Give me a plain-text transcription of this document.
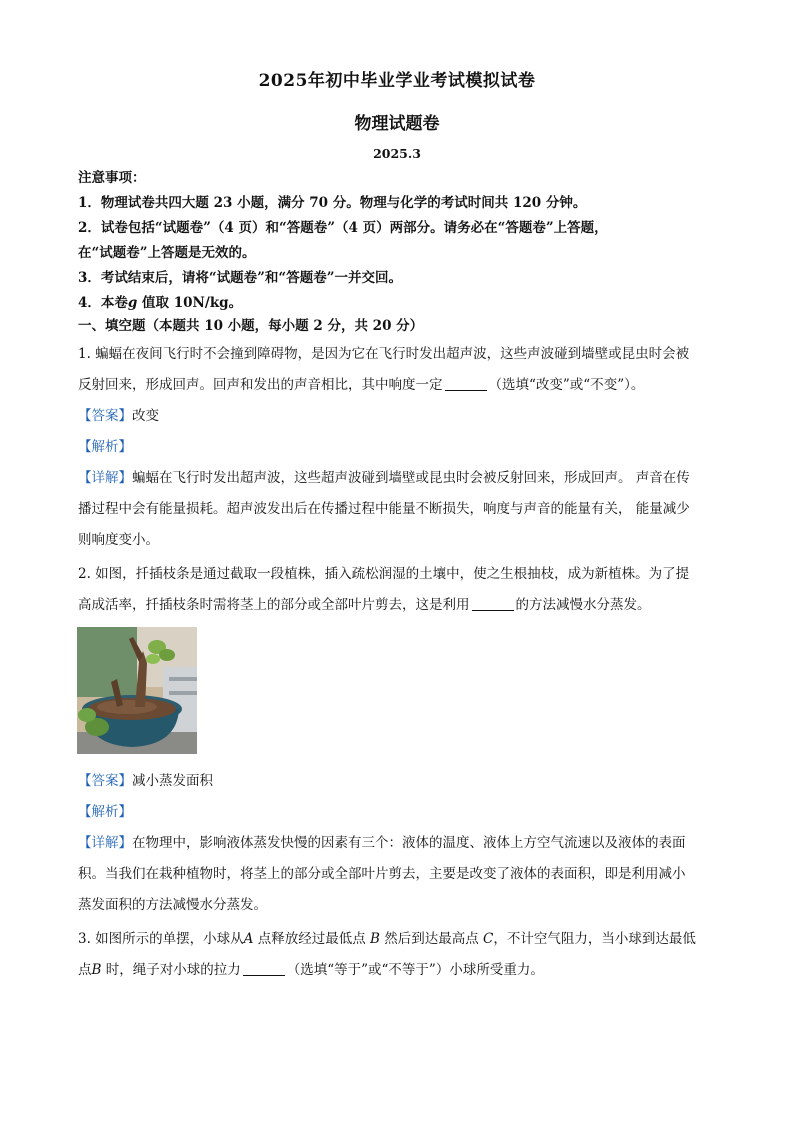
2025年初中毕业学业考试模拟试卷
物理试题卷
2025.3
注意事项：
1．物理试卷共四大题 23 小题，满分 70 分。物理与化学的考试时间共 120 分钟。
2．试卷包括“试题卷”（4 页）和“答题卷”（4 页）两部分。请务必在“答题卷”上答题，
在“试题卷”上答题是无效的。
3．考试结束后，请将“试题卷”和“答题卷”一并交回。
4．本卷g 值取 10N/kg。
一、填空题（本题共 10 小题，每小题 2 分，共 20 分）
1. 蝙蝠在夜间飞行时不会撞到障碍物，是因为它在飞行时发出超声波，这些声波碰到墙壁或昆虫时会被
反射回来，形成回声。回声和发出的声音相比，其中响度一定	（选填“改变”或“不变”）。
【答案】改变
【解析】
【详解】蝙蝠在飞行时发出超声波，这些超声波碰到墙壁或昆虫时会被反射回来，形成回声。 声音在传
播过程中会有能量损耗。超声波发出后在传播过程中能量不断损失，响度与声音的能量有关， 能量减少
则响度变小。
2. 如图，扦插枝条是通过截取一段植株，插入疏松润湿的土壤中，使之生根抽枝，成为新植株。为了提
高成活率，扦插枝条时需将茎上的部分或全部叶片剪去，这是利用	的方法减慢水分蒸发。
【答案】减小蒸发面积
【解析】
【详解】在物理中，影响液体蒸发快慢的因素有三个：液体的温度、液体上方空气流速以及液体的表面
积。当我们在栽种植物时，将茎上的部分或全部叶片剪去，主要是改变了液体的表面积，即是利用减小
蒸发面积的方法减慢水分蒸发。
3. 如图所示的单摆，小球从A 点释放经过最低点 B 然后到达最高点 C，不计空气阻力，当小球到达最低
点B 时，绳子对小球的拉力	（选填“等于”或“不等于”）小球所受重力。
